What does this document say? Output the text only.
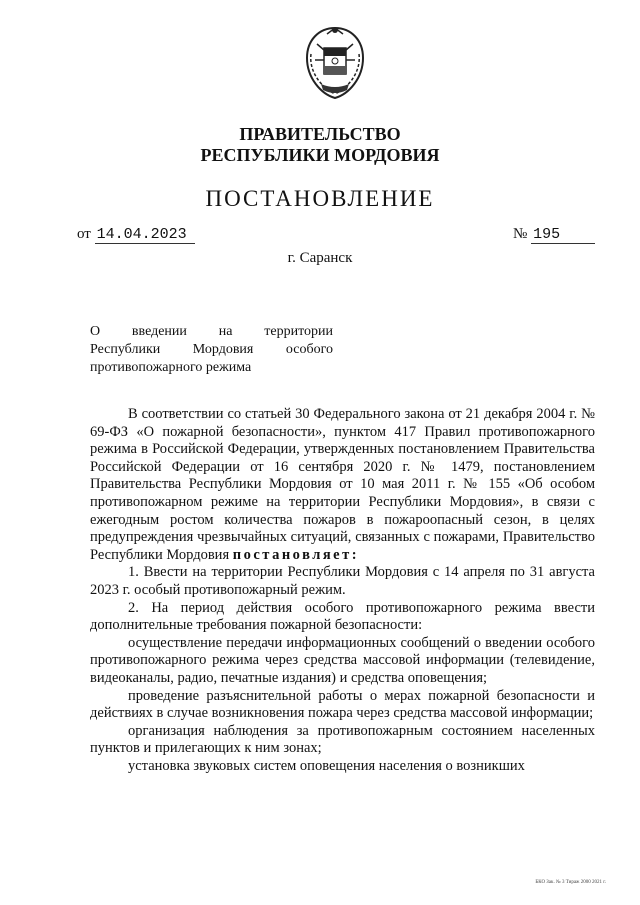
ПРАВИТЕЛЬСТВО
РЕСПУБЛИКИ МОРДОВИЯ
ПОСТАНОВЛЕНИЕ
от 14.04.2023	№ 195
г. Саранск
О введении на территории
Республики Мордовия особого
противопожарного режима

В соответствии со статьей 30 Федерального закона от 21 декабря 2004 г. № 69-ФЗ «О пожарной безопасности», пунктом 417 Правил противопожарного режима в Российской Федерации, утвержденных постановлением Правительства Российской Федерации от 16 сентября 2020 г. № 1479, постановлением Правительства Республики Мордовия от 10 мая 2011 г. № 155 «Об особом противопожарном режиме на территории Республики Мордовия», в связи с ежегодным ростом количества пожаров в пожароопасный сезон, в целях предупреждения чрезвычайных ситуаций, связанных с пожарами, Правительство Республики Мордовия постановляет:

1. Ввести на территории Республики Мордовия с 14 апреля по 31 августа 2023 г. особый противопожарный режим.

2. На период действия особого противопожарного режима ввести дополнительные требования пожарной безопасности:

осуществление передачи информационных сообщений о введении особого противопожарного режима через средства массовой информации (телевидение, видеоканалы, радио, печатные издания) и средства оповещения;

проведение разъяснительной работы о мерах пожарной безопасности и действиях в случае возникновения пожара через средства массовой информации;

организация наблюдения за противопожарным состоянием населенных пунктов и прилегающих к ним зонах;

установка звуковых систем оповещения населения о возникших

БКО Зак. № 3 Тираж 2000 2021 г.
